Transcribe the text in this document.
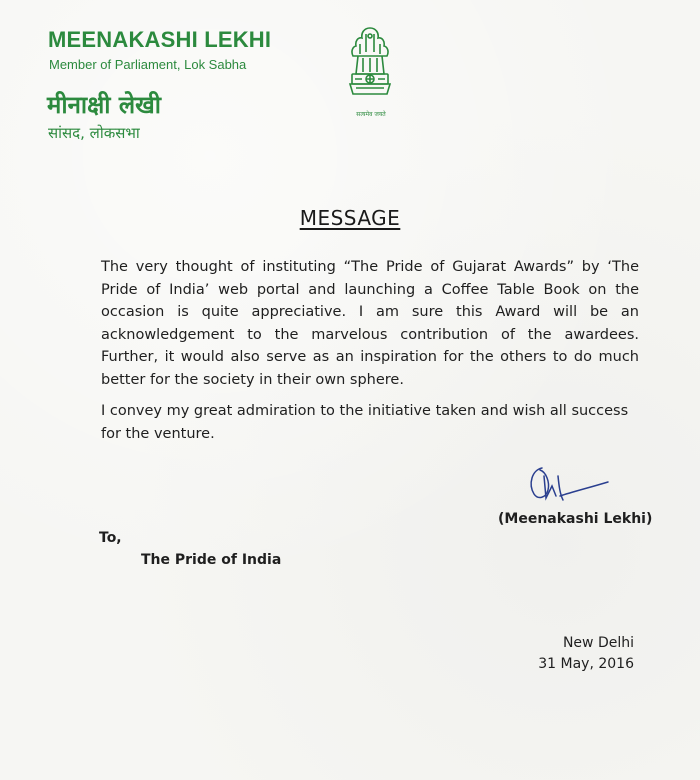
MEENAKASHI LEKHI
Member of Parliament, Lok Sabha
मीनाक्षी लेखी
सांसद, लोकसभा
सत्यमेव जयते
MESSAGE

The very thought of instituting “The Pride of Gujarat Awards” by ‘The Pride of India’ web portal and launching a Coffee Table Book on the occasion is quite appreciative. I am sure this Award will be an acknowledgement to the marvelous contribution of the awardees. Further, it would also serve as an inspiration for the others to do much better for the society in their own sphere.

I convey my great admiration to the initiative taken and wish all success for the venture.

(Meenakashi Lekhi)
To,
The Pride of India
New Delhi
31 May, 2016
